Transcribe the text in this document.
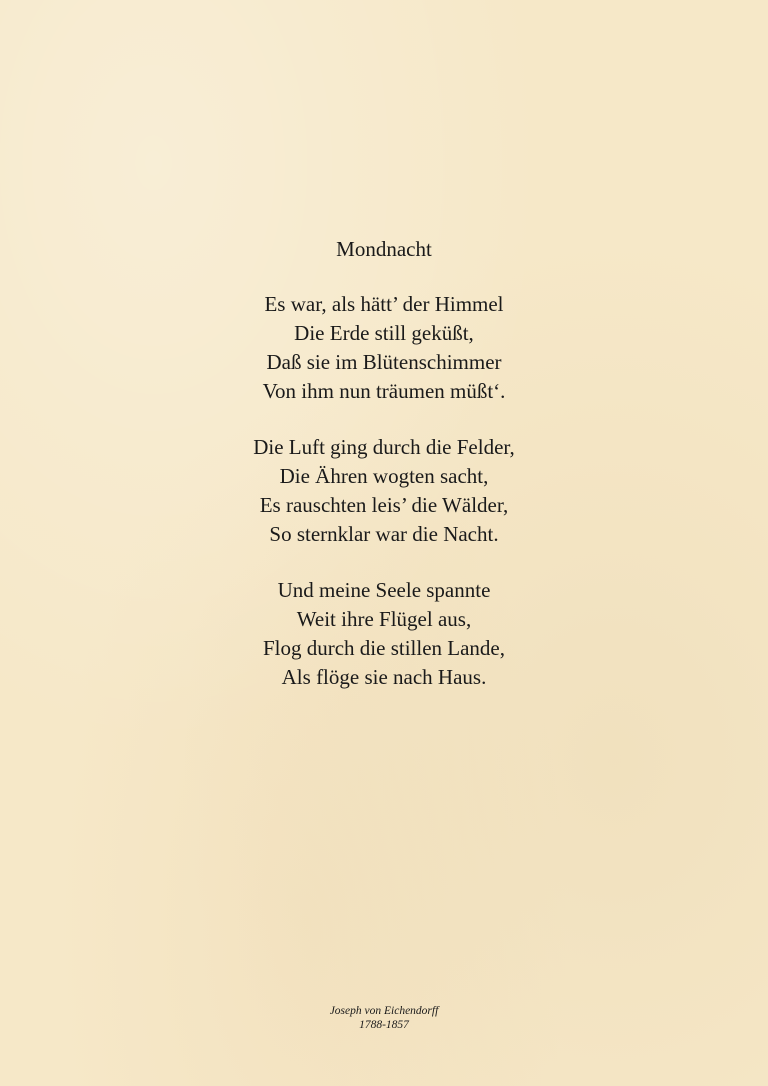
Mondnacht
Es war, als hätt’ der Himmel
Die Erde still geküßt,
Daß sie im Blütenschimmer
Von ihm nun träumen müßt‘.
Die Luft ging durch die Felder,
Die Ähren wogten sacht,
Es rauschten leis’ die Wälder,
So sternklar war die Nacht.
Und meine Seele spannte
Weit ihre Flügel aus,
Flog durch die stillen Lande,
Als flöge sie nach Haus.
Joseph von Eichendorff
1788-1857
